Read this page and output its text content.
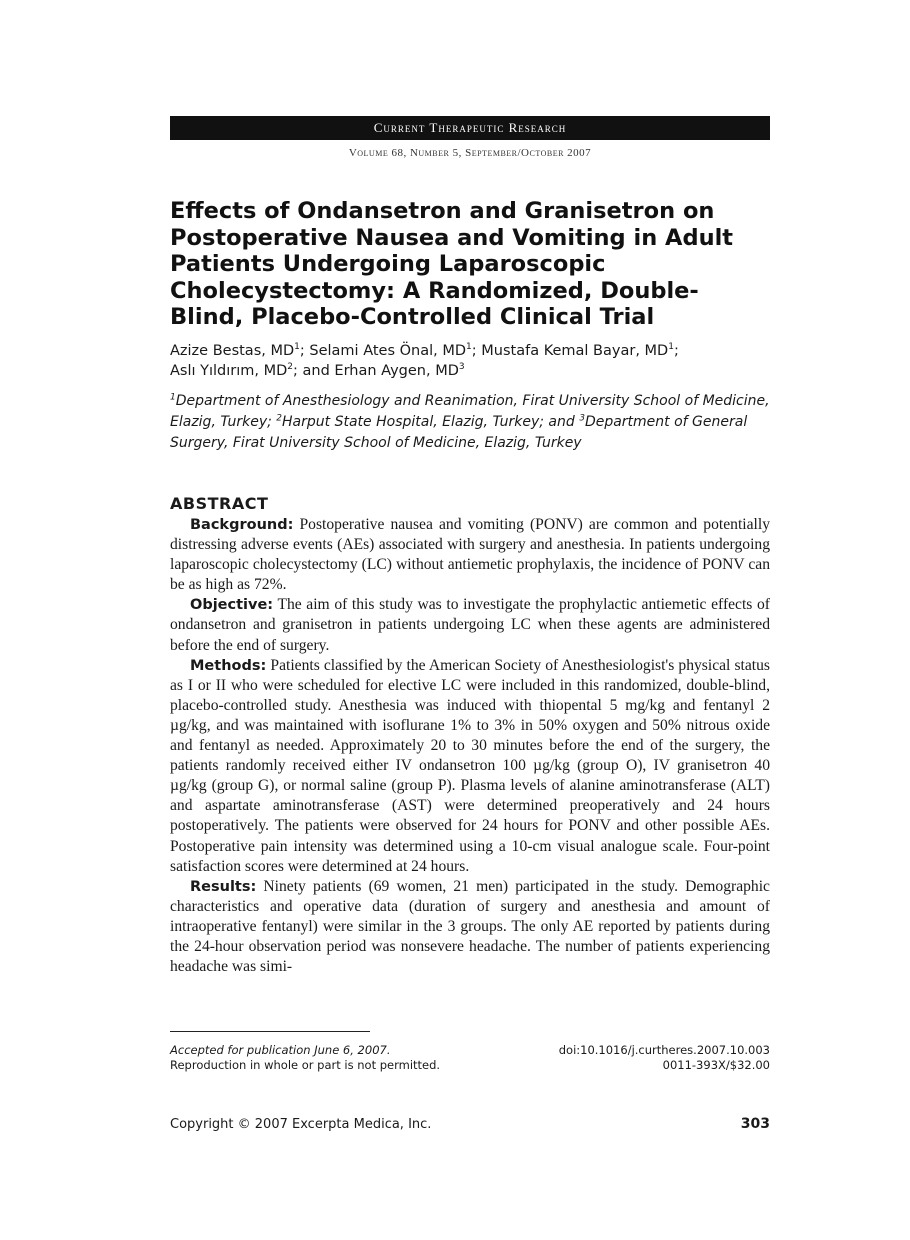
Current Therapeutic Research
Volume 68, Number 5, September/October 2007
Effects of Ondansetron and Granisetron on Postoperative Nausea and Vomiting in Adult Patients Undergoing Laparoscopic Cholecystectomy: A Randomized, Double-Blind, Placebo-Controlled Clinical Trial
Azize Bestas, $MD^1$; Selami Ates Önal, $MD^1$; Mustafa Kemal Bayar, $MD^1$;
Aslı Yıldırım, $MD^2$; and Erhan Aygen, $MD^3$
$^1$Department of Anesthesiology and Reanimation, Firat University School of Medicine, Elazig, Turkey; $^2$Harput State Hospital, Elazig, Turkey; and $^3$Department of General Surgery, Firat University School of Medicine, Elazig, Turkey
ABSTRACT

Background: Postoperative nausea and vomiting (PONV) are common and potentially distressing adverse events (AEs) associated with surgery and anesthesia. In patients undergoing laparoscopic cholecystectomy (LC) without antiemetic prophylaxis, the incidence of PONV can be as high as 72%.

Objective: The aim of this study was to investigate the prophylactic antiemetic effects of ondansetron and granisetron in patients undergoing LC when these agents are administered before the end of surgery.

Methods: Patients classified by the American Society of Anesthesiologist's physical status as I or II who were scheduled for elective LC were included in this randomized, double-blind, placebo-controlled study. Anesthesia was induced with thiopental 5 mg/kg and fentanyl 2 µg/kg, and was maintained with isoflurane 1% to 3% in 50% oxygen and 50% nitrous oxide and fentanyl as needed. Approximately 20 to 30 minutes before the end of the surgery, the patients randomly received either IV ondansetron 100 µg/kg (group O), IV granisetron 40 µg/kg (group G), or normal saline (group P). Plasma levels of alanine aminotransferase (ALT) and aspartate aminotransferase (AST) were determined preoperatively and 24 hours postoperatively. The patients were observed for 24 hours for PONV and other possible AEs. Postoperative pain intensity was determined using a 10-cm visual analogue scale. Four-point satisfaction scores were determined at 24 hours.

Results: Ninety patients (69 women, 21 men) participated in the study. Demographic characteristics and operative data (duration of surgery and anesthesia and amount of intraoperative fentanyl) were similar in the 3 groups. The only AE reported by patients during the 24-hour observation period was nonsevere headache. The number of patients experiencing headache was simi-

Accepted for publication June 6, 2007.
Reproduction in whole or part is not permitted.
doi:10.1016/j.curtheres.2007.10.003
0011-393X/$32.00
Copyright © 2007 Excerpta Medica, Inc.	303
